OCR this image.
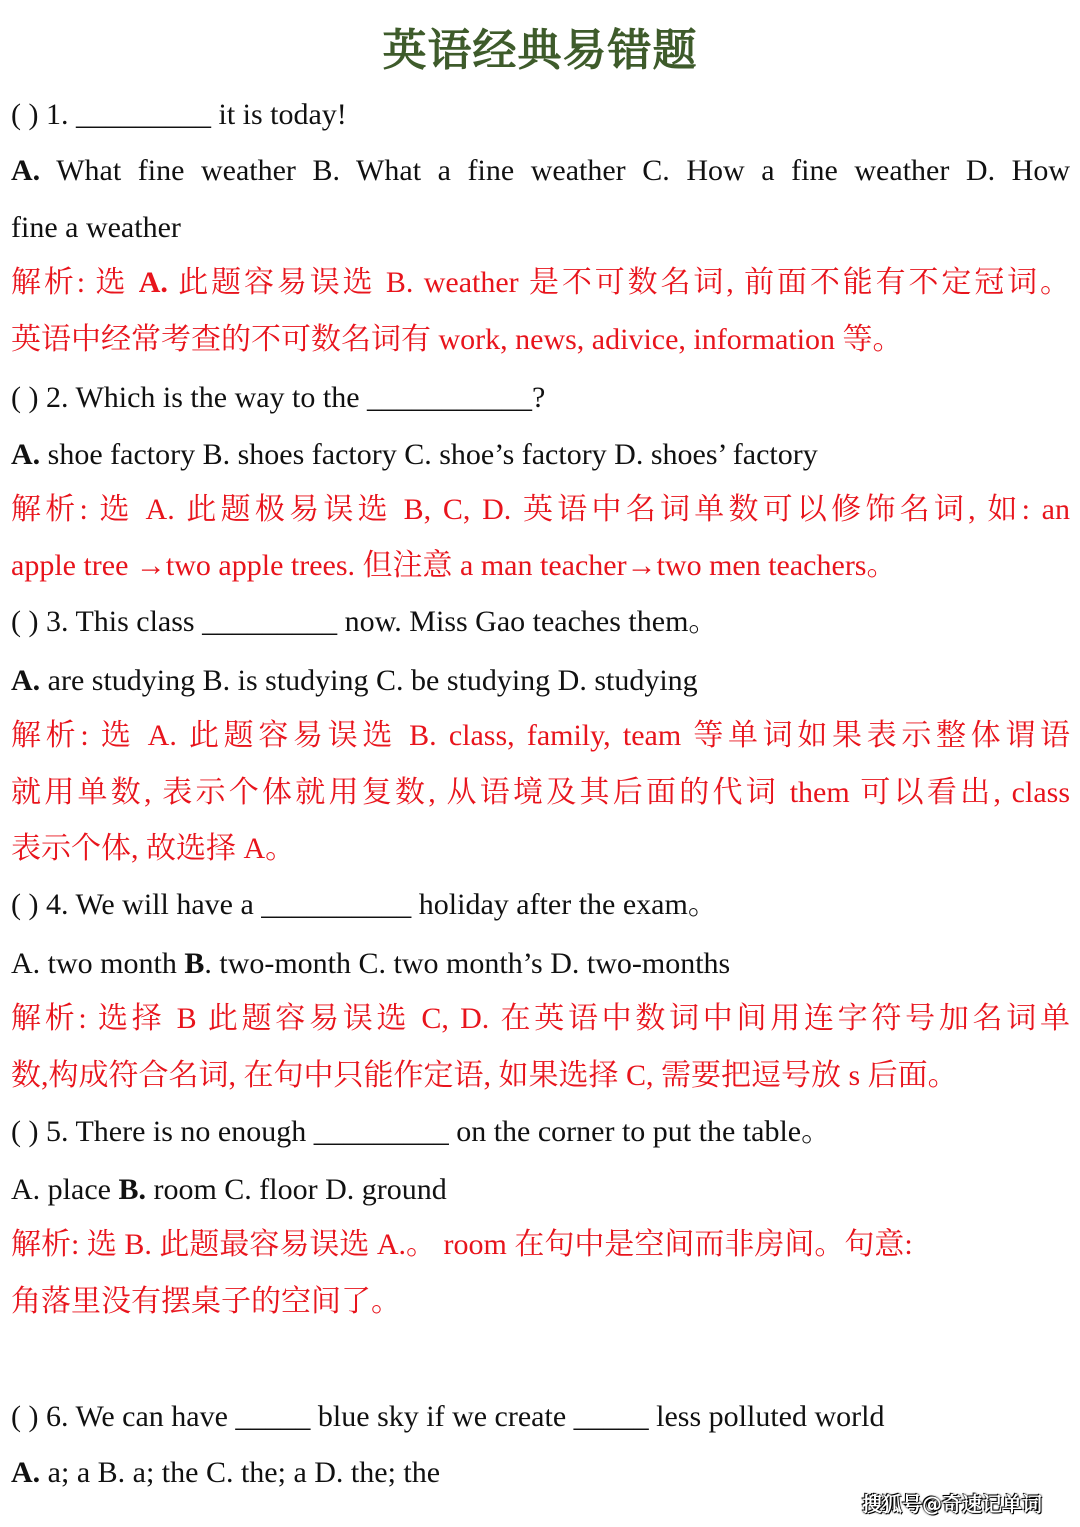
英语经典易错题
( ) 1. _________ it is today!
A. What fine weather B. What a fine weather C. How a fine weather D. How
fine a weather
解析: 选 A. 此题容易误选 B. weather 是不可数名词, 前面不能有不定冠词。
英语中经常考查的不可数名词有 work, news, adivice, information 等。
( ) 2. Which is the way to the ___________?
A. shoe factory B. shoes factory C. shoe’s factory D. shoes’ factory
解析: 选 A. 此题极易误选 B, C, D. 英语中名词单数可以修饰名词, 如: an
apple tree →two apple trees. 但注意 a man teacher→two men teachers。
( ) 3. This class _________ now. Miss Gao teaches them。
A. are studying B. is studying C. be studying D. studying
解析: 选 A. 此题容易误选 B. class, family, team 等单词如果表示整体谓语
就用单数, 表示个体就用复数, 从语境及其后面的代词 them 可以看出, class
表示个体, 故选择 A。
( ) 4. We will have a __________ holiday after the exam。
A. two month B. two-month C. two month’s D. two-months
解析: 选择 B 此题容易误选 C, D. 在英语中数词中间用连字符号加名词单
数,构成符合名词, 在句中只能作定语, 如果选择 C, 需要把逗号放 s 后面。
( ) 5. There is no enough _________ on the corner to put the table。
A. place B. room C. floor D. ground
解析: 选 B. 此题最容易误选 A.。 room 在句中是空间而非房间。句意:
角落里没有摆桌子的空间了。
( ) 6. We can have _____ blue sky if we create _____ less polluted world
A. a; a B. a; the C. the; a D. the; the
搜狐号@奇速记单词
